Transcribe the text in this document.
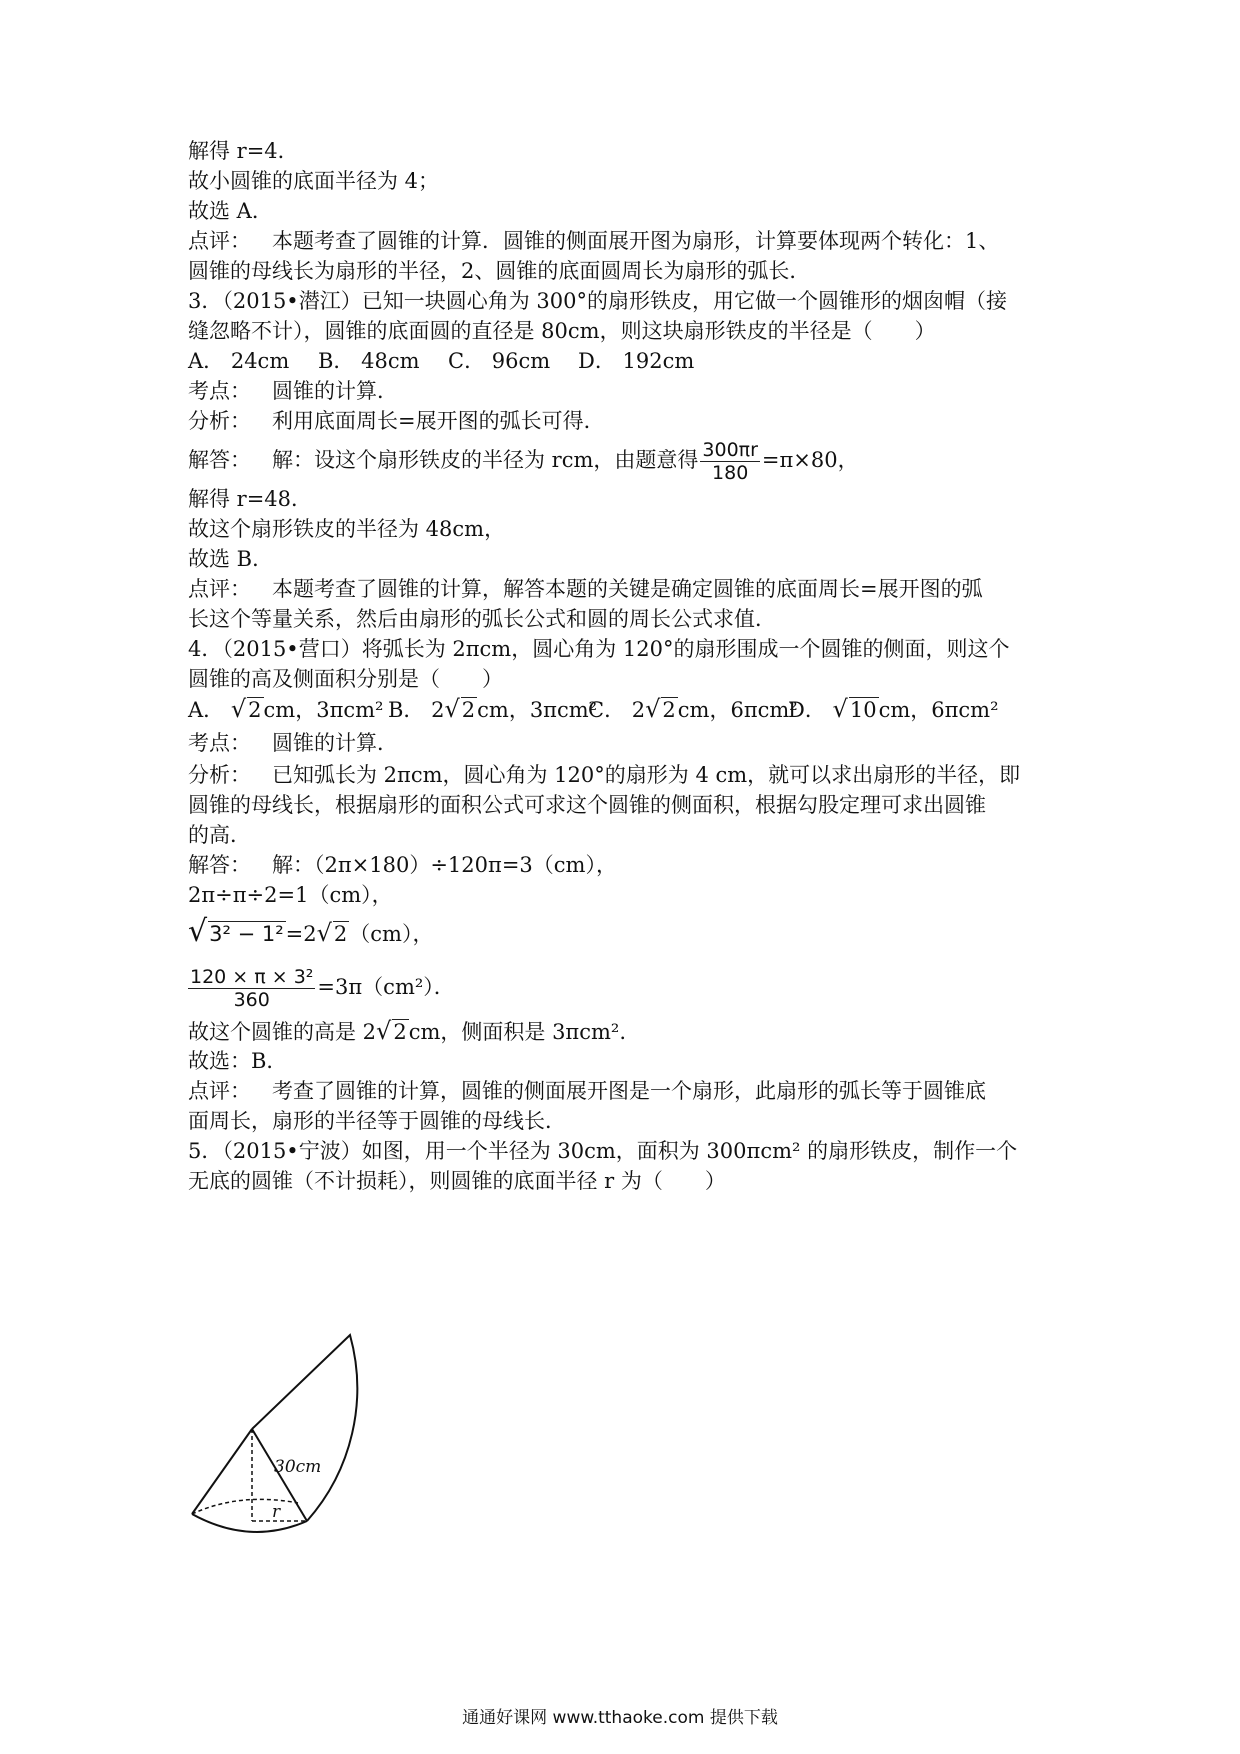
解得 r=4．
故小圆锥的底面半径为 4；
故选 A．
点评： 本题考查了圆锥的计算．圆锥的侧面展开图为扇形，计算要体现两个转化：1、
圆锥的母线长为扇形的半径，2、圆锥的底面圆周长为扇形的弧长．
3．（2015•潜江）已知一块圆心角为 300°的扇形铁皮，用它做一个圆锥形的烟囱帽（接
缝忽略不计），圆锥的底面圆的直径是 80cm，则这块扇形铁皮的半径是（　　）
A． 24cm B． 48cm C． 96cm D． 192cm
考点： 圆锥的计算．
分析： 利用底面周长=展开图的弧长可得．
解答： 解：设这个扇形铁皮的半径为 rcm，由题意得 $\frac{300\pi r}{180} =\pi\times 80$，
解得 r=48．
故这个扇形铁皮的半径为 48cm，
故选 B．
点评： 本题考查了圆锥的计算，解答本题的关键是确定圆锥的底面周长=展开图的弧
长这个等量关系，然后由扇形的弧长公式和圆的周长公式求值．
4．（2015•营口）将弧长为 2πcm，圆心角为 120°的扇形围成一个圆锥的侧面，则这个
圆锥的高及侧面积分别是（　　）
A． √2cm，3πcm² B． 2√2cm，3πcm²C． 2√2cm，6πcm²D． √10cm，6πcm²
考点： 圆锥的计算．
分析： 已知弧长为 2πcm，圆心角为 120°的扇形为 4 cm，就可以求出扇形的半径，即
圆锥的母线长，根据扇形的面积公式可求这个圆锥的侧面积，根据勾股定理可求出圆锥
的高．
解答： 解：（2π×180）÷120π=3（cm），
2π÷π÷2=1（cm），
√3² − 1²=2√2（cm），
$\frac{\text{120 × π × 3²}}{360} =3\pi(cm^2)$．
故这个圆锥的高是 2√2cm，侧面积是 3πcm².
故选：B．
点评： 考查了圆锥的计算，圆锥的侧面展开图是一个扇形，此扇形的弧长等于圆锥底
面周长，扇形的半径等于圆锥的母线长．
5．（2015•宁波）如图，用一个半径为 30cm，面积为 300πcm² 的扇形铁皮，制作一个
无底的圆锥（不计损耗），则圆锥的底面半径 r 为（　　）
30cm
r
通通好课网 www.tthaoke.com 提供下载
